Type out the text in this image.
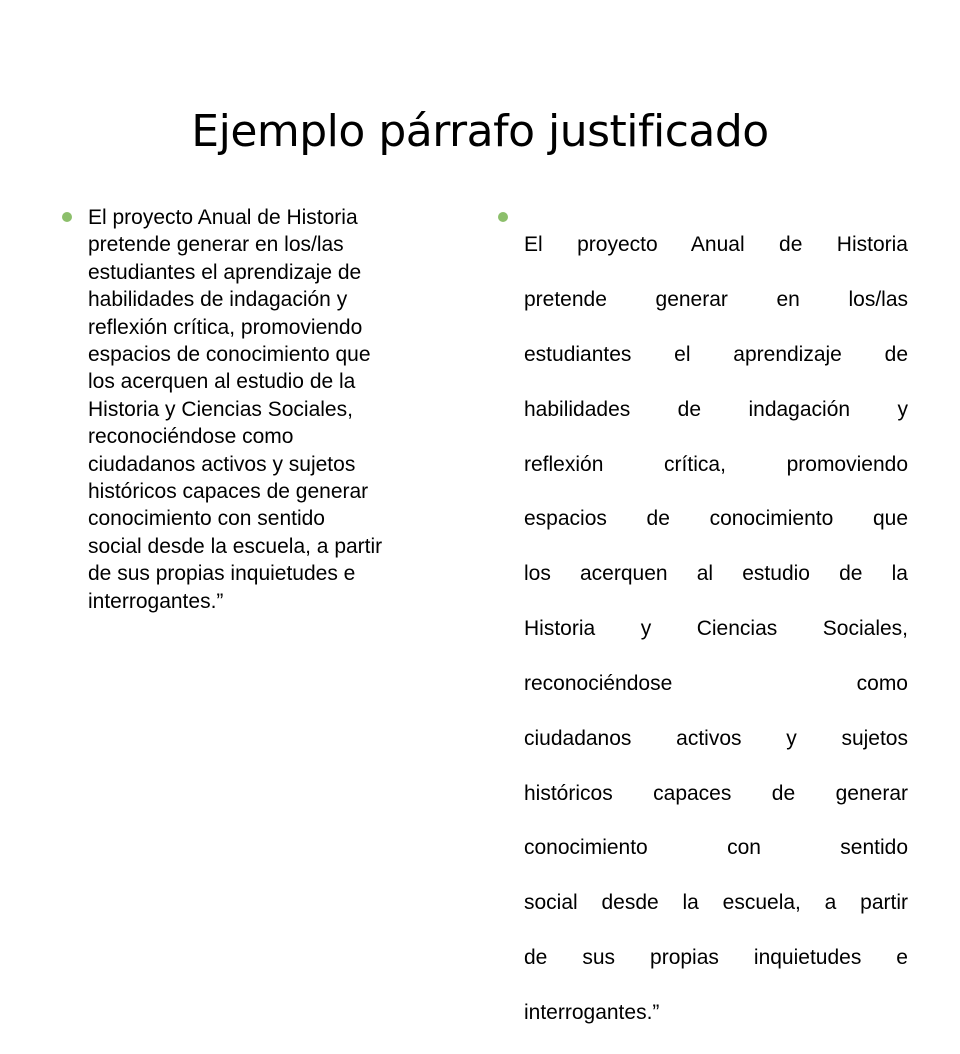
Ejemplo párrafo justificado

El proyecto Anual de Historia
pretende generar en los/las
estudiantes el aprendizaje de
habilidades de indagación y
reflexión crítica, promoviendo
espacios de conocimiento que
los acerquen al estudio de la
Historia y Ciencias Sociales,
reconociéndose como
ciudadanos activos y sujetos
históricos capaces de generar
conocimiento con sentido
social desde la escuela, a partir
de sus propias inquietudes e
interrogantes.”

El proyecto Anual de Historia

pretende generar en los/las

estudiantes el aprendizaje de

habilidades de indagación y

reflexión crítica, promoviendo

espacios de conocimiento que

los acerquen al estudio de la

Historia y Ciencias Sociales,

reconociéndose como

ciudadanos activos y sujetos

históricos capaces de generar

conocimiento con sentido

social desde la escuela, a partir

de sus propias inquietudes e

interrogantes.”
